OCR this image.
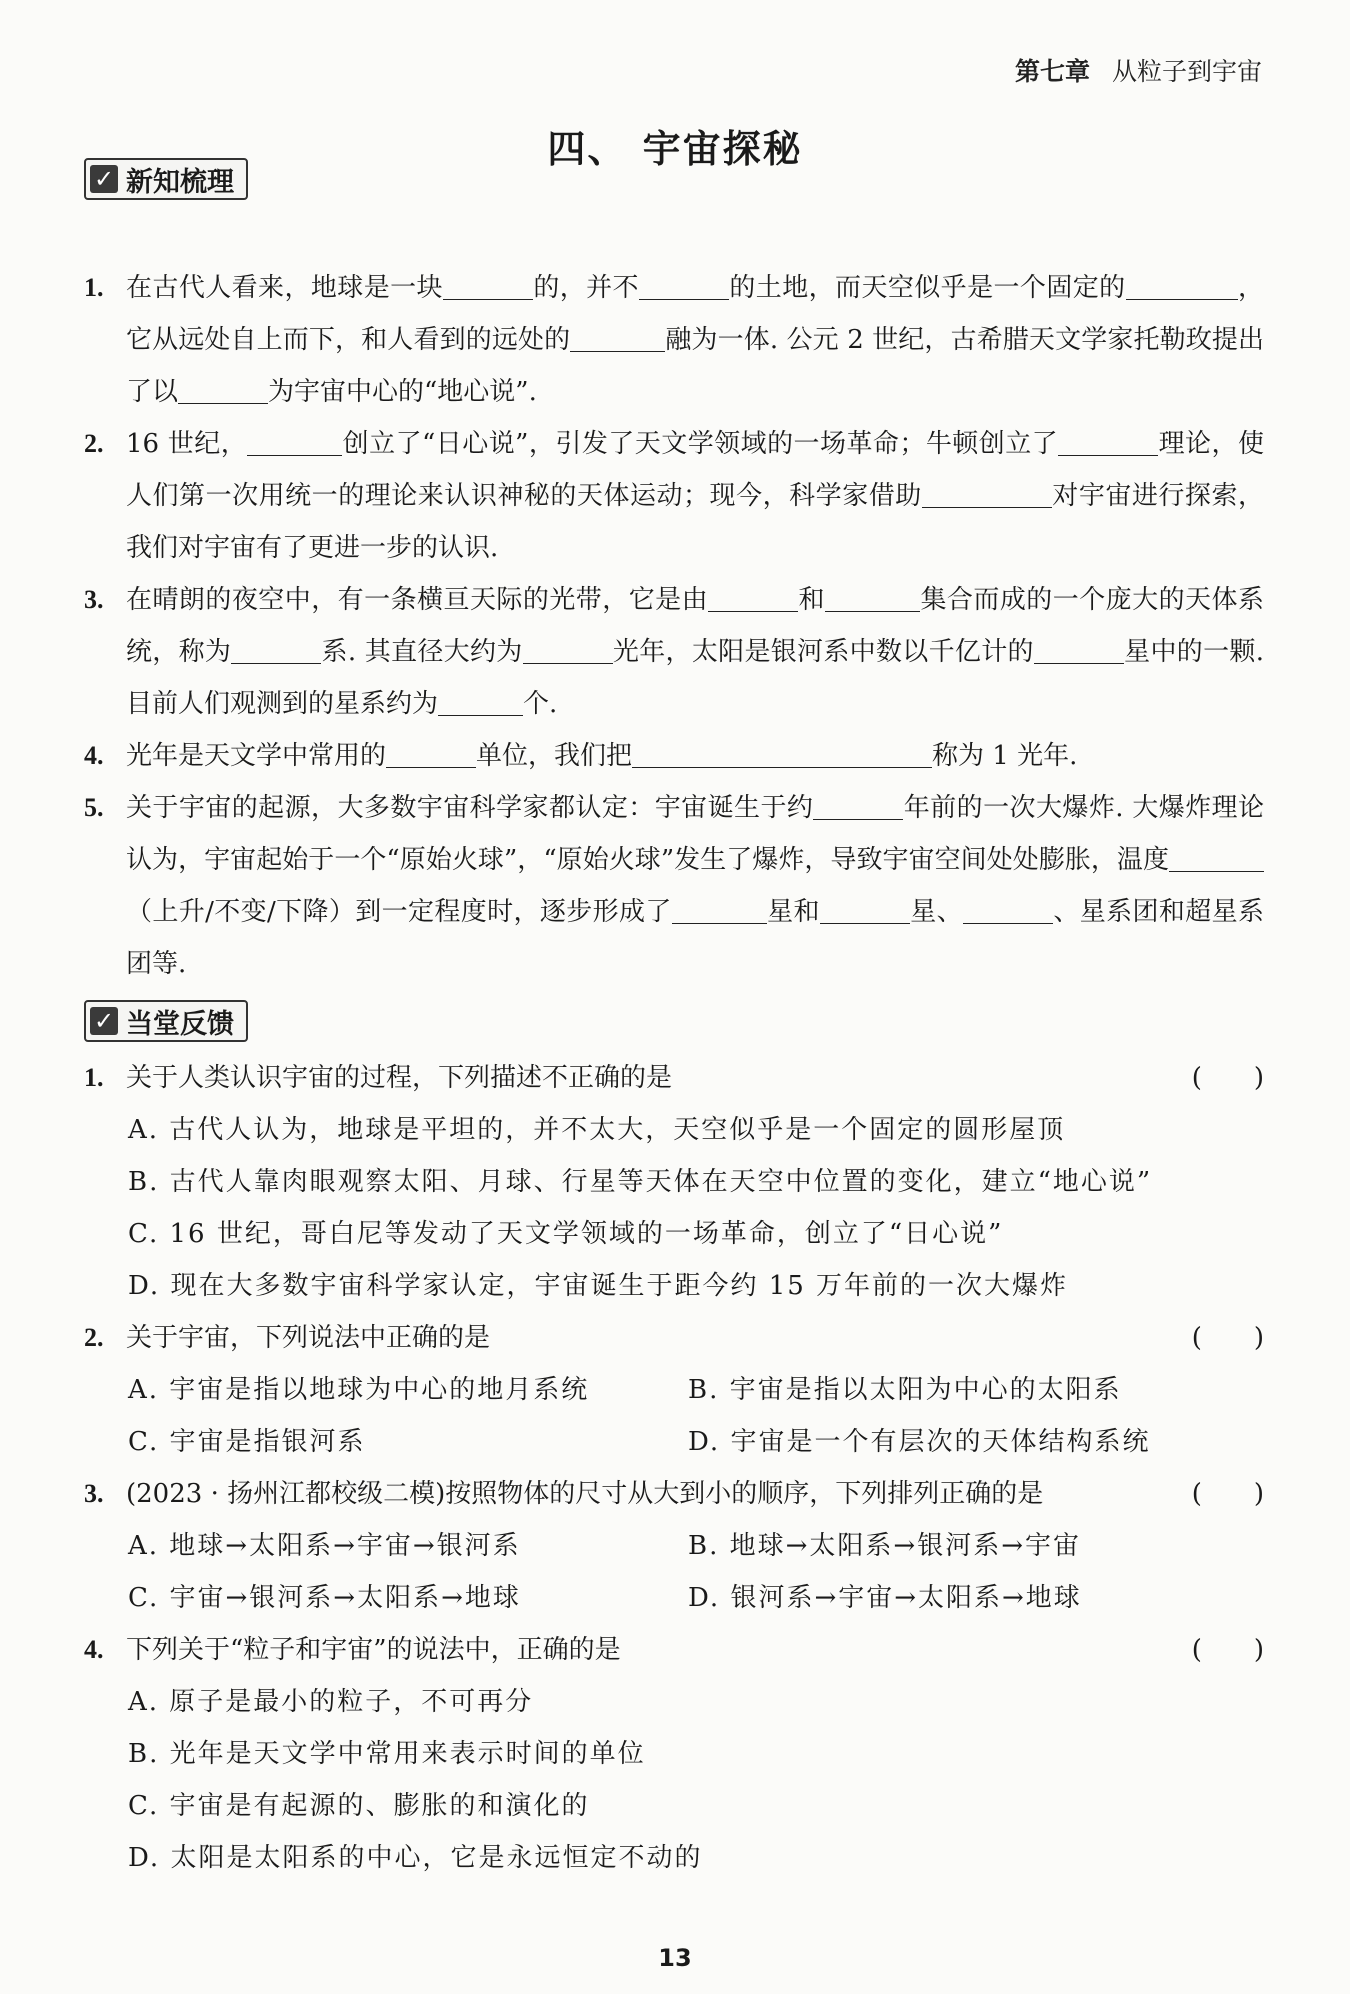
第七章 从粒子到宇宙
四、 宇宙探秘
✓ 新知梳理
1. 在古代人看来，地球是一块	的，并不	的土地，而天空似乎是一个固定的	，它从远处自上而下，和人看到的远处的	融为一体. 公元 2 世纪，古希腊天文学家托勒玫提出了以	为宇宙中心的“地心说”.
2. 16 世纪，	创立了“日心说”，引发了天文学领域的一场革命；牛顿创立了	理论，使人们第一次用统一的理论来认识神秘的天体运动；现今，科学家借助	对宇宙进行探索，我们对宇宙有了更进一步的认识.
3. 在晴朗的夜空中，有一条横亘天际的光带，它是由	和	集合而成的一个庞大的天体系统，称为	系. 其直径大约为	光年，太阳是银河系中数以千亿计的	星中的一颗. 目前人们观测到的星系约为	个.
4. 光年是天文学中常用的	单位，我们把	称为 1 光年.
5. 关于宇宙的起源，大多数宇宙科学家都认定：宇宙诞生于约	年前的一次大爆炸. 大爆炸理论认为，宇宙起始于一个“原始火球”，“原始火球”发生了爆炸，导致宇宙空间处处膨胀，温度（上升/不变/下降）到一定程度时，逐步形成了	星和	星、	、星系团和超星系团等.
✓ 当堂反馈
1. 关于人类认识宇宙的过程，下列描述不正确的是	(　　)
A. 古代人认为，地球是平坦的，并不太大，天空似乎是一个固定的圆形屋顶
B. 古代人靠肉眼观察太阳、月球、行星等天体在天空中位置的变化，建立“地心说”
C. 16 世纪，哥白尼等发动了天文学领域的一场革命，创立了“日心说”
D. 现在大多数宇宙科学家认定，宇宙诞生于距今约 15 万年前的一次大爆炸
2. 关于宇宙，下列说法中正确的是	(　　)
A. 宇宙是指以地球为中心的地月系统	B. 宇宙是指以太阳为中心的太阳系
C. 宇宙是指银河系	D. 宇宙是一个有层次的天体结构系统
3. (2023 · 扬州江都校级二模)按照物体的尺寸从大到小的顺序，下列排列正确的是	(　　)
A. 地球→太阳系→宇宙→银河系	B. 地球→太阳系→银河系→宇宙
C. 宇宙→银河系→太阳系→地球	D. 银河系→宇宙→太阳系→地球
4. 下列关于“粒子和宇宙”的说法中，正确的是	(　　)
A. 原子是最小的粒子，不可再分
B. 光年是天文学中常用来表示时间的单位
C. 宇宙是有起源的、膨胀的和演化的
D. 太阳是太阳系的中心，它是永远恒定不动的
13
